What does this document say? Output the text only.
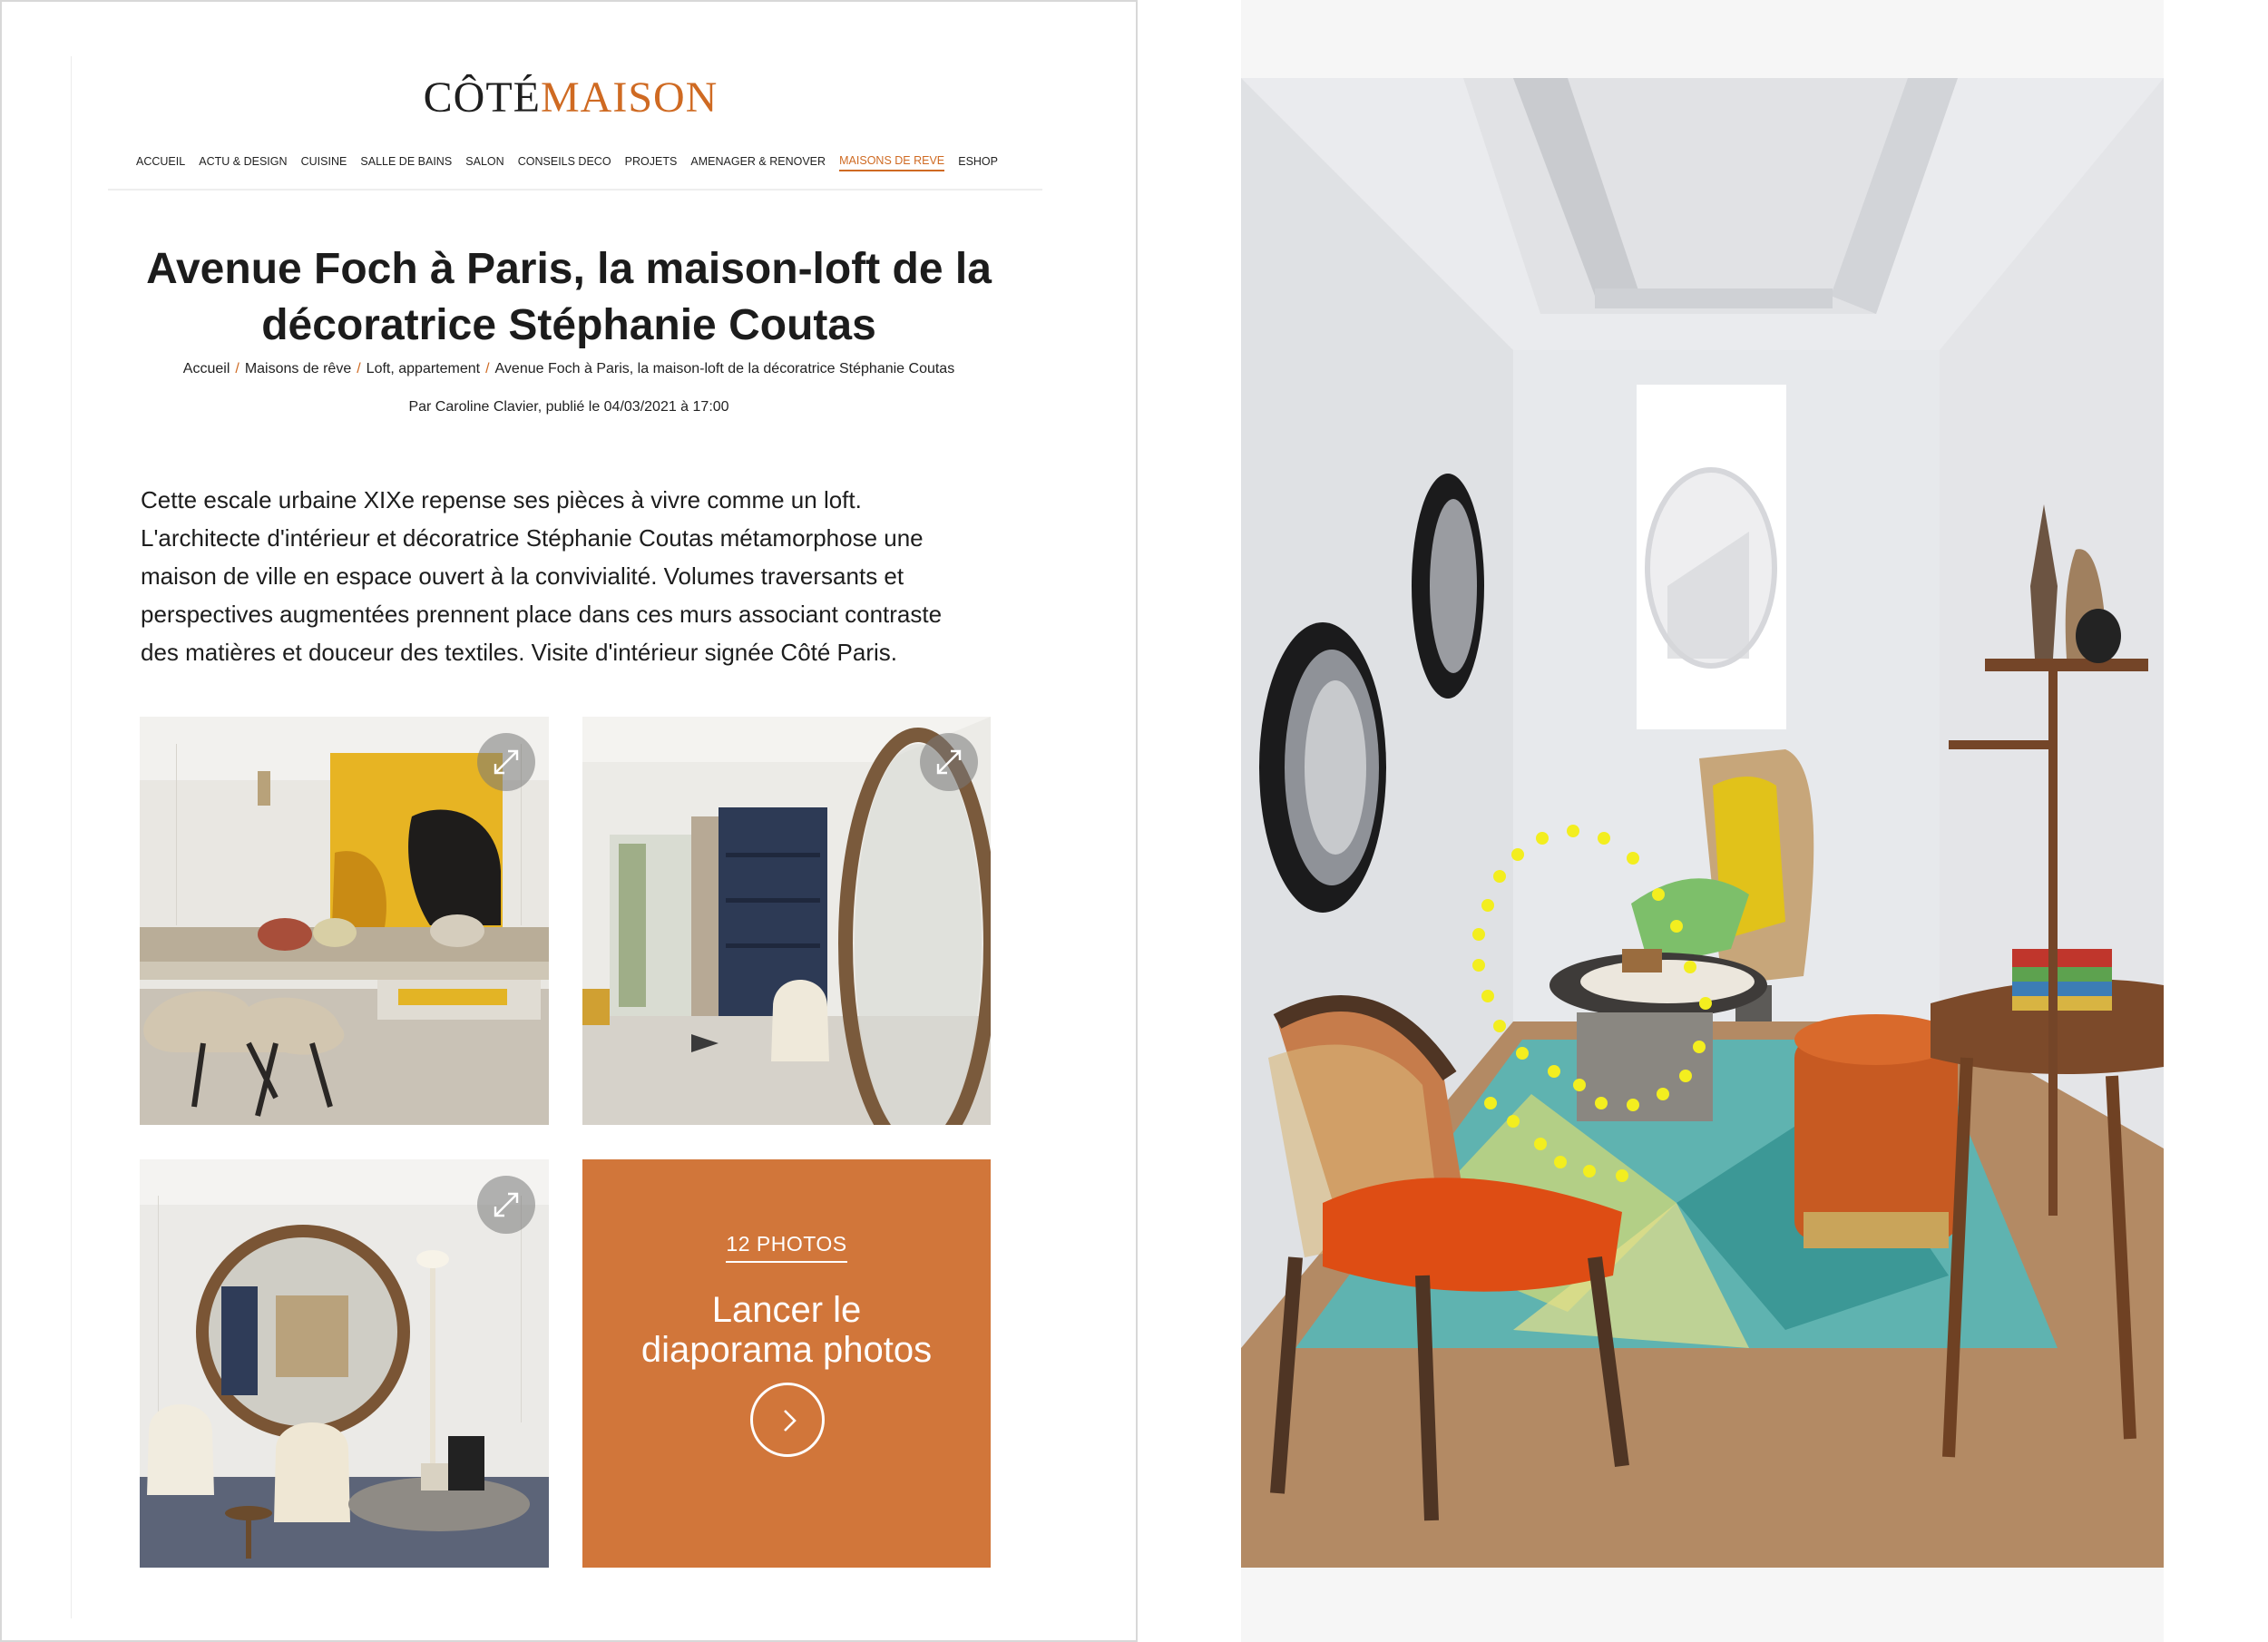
CÔTÉMAISON
ACCUEIL ACTU & DESIGN CUISINE SALLE DE BAINS SALON CONSEILS DECO PROJETS AMENAGER & RENOVER MAISONS DE REVE ESHOP
Avenue Foch à Paris, la maison-loft de la
décoratrice Stéphanie Coutas
Accueil / Maisons de rêve / Loft, appartement / Avenue Foch à Paris, la maison-loft de la décoratrice Stéphanie Coutas
Par Caroline Clavier, publié le 04/03/2021 à 17:00
Cette escale urbaine XIXe repense ses pièces à vivre comme un loft.
L'architecte d'intérieur et décoratrice Stéphanie Coutas métamorphose une
maison de ville en espace ouvert à la convivialité. Volumes traversants et
perspectives augmentées prennent place dans ces murs associant contraste
des matières et douceur des textiles. Visite d'intérieur signée Côté Paris.
12 PHOTOS
Lancer le
diaporama photos
